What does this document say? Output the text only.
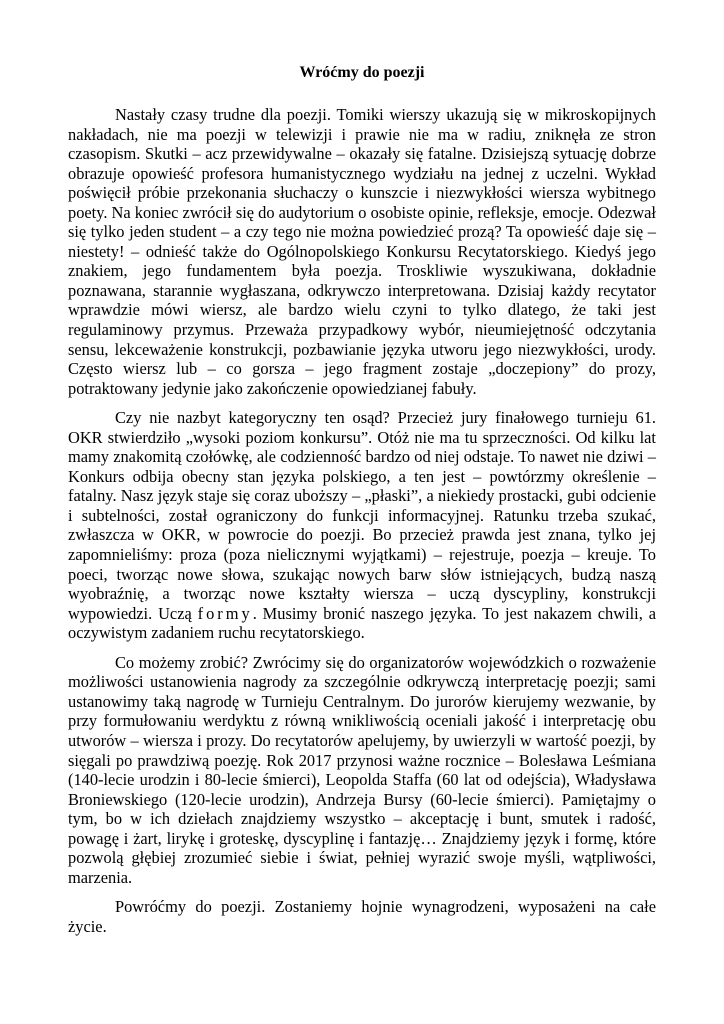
Wróćmy do poezji

Nastały czasy trudne dla poezji. Tomiki wierszy ukazują się w mikroskopijnych nakładach, nie ma poezji w telewizji i prawie nie ma w radiu, zniknęła ze stron czasopism. Skutki – acz przewidywalne – okazały się fatalne. Dzisiejszą sytuację dobrze obrazuje opowieść profesora humanistycznego wydziału na jednej z uczelni. Wykład poświęcił próbie przekonania słuchaczy o kunszcie i niezwykłości wiersza wybitnego poety. Na koniec zwrócił się do audytorium o osobiste opinie, refleksje, emocje. Odezwał się tylko jeden student – a czy tego nie można powiedzieć prozą? Ta opowieść daje się – niestety! – odnieść także do Ogólnopolskiego Konkursu Recytatorskiego. Kiedyś jego znakiem, jego fundamentem była poezja. Troskliwie wyszukiwana, dokładnie poznawana, starannie wygłaszana, odkrywczo interpretowana. Dzisiaj każdy recytator wprawdzie mówi wiersz, ale bardzo wielu czyni to tylko dlatego, że taki jest regulaminowy przymus. Przeważa przypadkowy wybór, nieumiejętność odczytania sensu, lekceważenie konstrukcji, pozbawianie języka utworu jego niezwykłości, urody. Często wiersz lub – co gorsza – jego fragment zostaje „doczepiony” do prozy, potraktowany jedynie jako zakończenie opowiedzianej fabuły.

Czy nie nazbyt kategoryczny ten osąd? Przecież jury finałowego turnieju 61. OKR stwierdziło „wysoki poziom konkursu”. Otóż nie ma tu sprzeczności. Od kilku lat mamy znakomitą czołówkę, ale codzienność bardzo od niej odstaje. To nawet nie dziwi – Konkurs odbija obecny stan języka polskiego, a ten jest – powtórzmy określenie – fatalny. Nasz język staje się coraz uboższy – „płaski”, a niekiedy prostacki, gubi odcienie i subtelności, został ograniczony do funkcji informacyjnej. Ratunku trzeba szukać, zwłaszcza w OKR, w powrocie do poezji. Bo przecież prawda jest znana, tylko jej zapomnieliśmy: proza (poza nielicznymi wyjątkami) – rejestruje, poezja – kreuje. To poeci, tworząc nowe słowa, szukając nowych barw słów istniejących, budzą naszą wyobraźnię, a tworząc nowe kształty wiersza – uczą dyscypliny, konstrukcji wypowiedzi. Uczą formy. Musimy bronić naszego języka. To jest nakazem chwili, a oczywistym zadaniem ruchu recytatorskiego.

Co możemy zrobić? Zwrócimy się do organizatorów wojewódzkich o rozważenie możliwości ustanowienia nagrody za szczególnie odkrywczą interpretację poezji; sami ustanowimy taką nagrodę w Turnieju Centralnym. Do jurorów kierujemy wezwanie, by przy formułowaniu werdyktu z równą wnikliwością oceniali jakość i interpretację obu utworów – wiersza i prozy. Do recytatorów apelujemy, by uwierzyli w wartość poezji, by sięgali po prawdziwą poezję. Rok 2017 przynosi ważne rocznice – Bolesława Leśmiana (140-lecie urodzin i 80-lecie śmierci), Leopolda Staffa (60 lat od odejścia), Władysława Broniewskiego (120-lecie urodzin), Andrzeja Bursy (60-lecie śmierci). Pamiętajmy o tym, bo w ich dziełach znajdziemy wszystko – akceptację i bunt, smutek i radość, powagę i żart, lirykę i groteskę, dyscyplinę i fantazję… Znajdziemy język i formę, które pozwolą głębiej zrozumieć siebie i świat, pełniej wyrazić swoje myśli, wątpliwości, marzenia.

Powróćmy do poezji. Zostaniemy hojnie wynagrodzeni, wyposażeni na całe życie.
